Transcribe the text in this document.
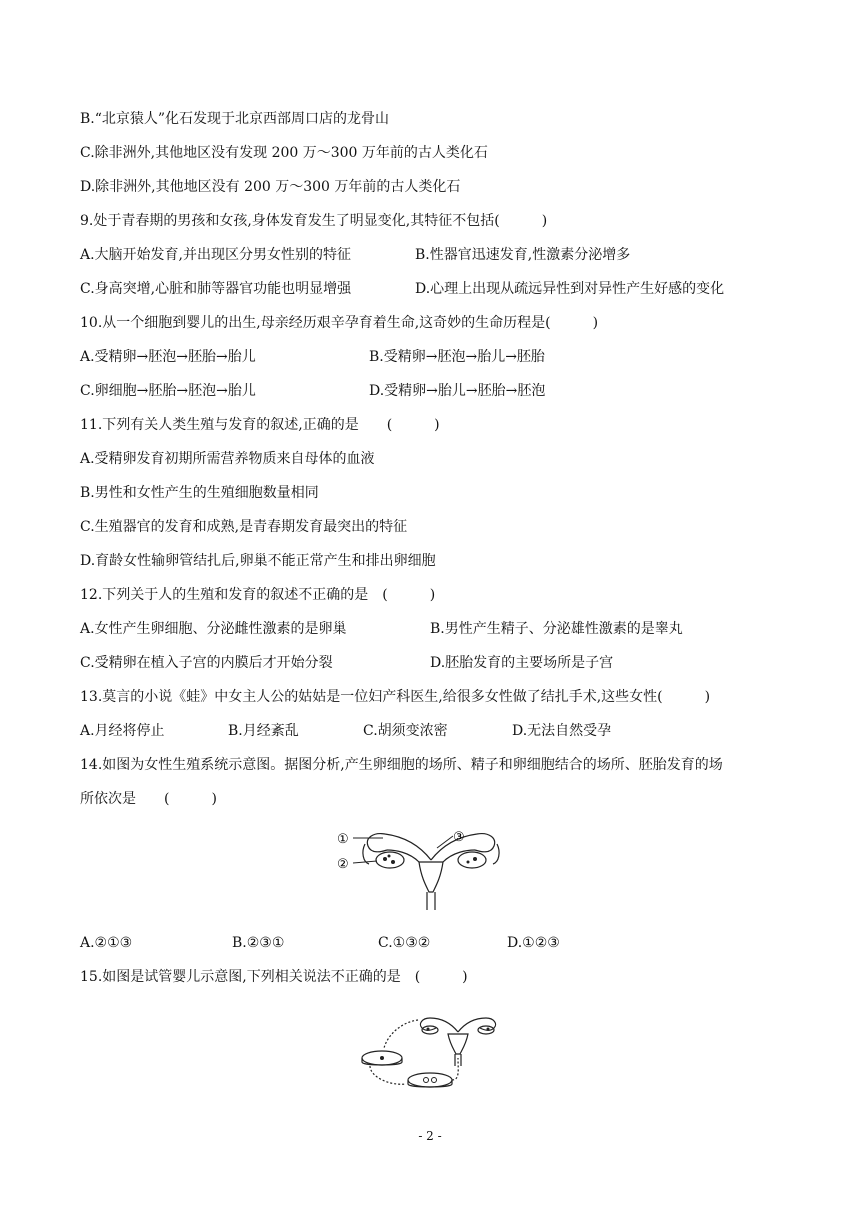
B.“北京猿人”化石发现于北京西部周口店的龙骨山
C.除非洲外,其他地区没有发现 200 万～300 万年前的古人类化石
D.除非洲外,其他地区没有 200 万～300 万年前的古人类化石
9.处于青春期的男孩和女孩,身体发育发生了明显变化,其特征不包括(　　　)
A.大脑开始发育,并出现区分男女性别的特征	B.性器官迅速发育,性激素分泌增多
C.身高突增,心脏和肺等器官功能也明显增强	D.心理上出现从疏远异性到对异性产生好感的变化
10.从一个细胞到婴儿的出生,母亲经历艰辛孕育着生命,这奇妙的生命历程是(　　　)
A.受精卵→胚泡→胚胎→胎儿	B.受精卵→胚泡→胎儿→胚胎
C.卵细胞→胚胎→胚泡→胎儿	D.受精卵→胎儿→胚胎→胚泡
11.下列有关人类生殖与发育的叙述,正确的是　　(　　　)
A.受精卵发育初期所需营养物质来自母体的血液
B.男性和女性产生的生殖细胞数量相同
C.生殖器官的发育和成熟,是青春期发育最突出的特征
D.育龄女性输卵管结扎后,卵巢不能正常产生和排出卵细胞
12.下列关于人的生殖和发育的叙述不正确的是　(　　　)
A.女性产生卵细胞、分泌雌性激素的是卵巢	B.男性产生精子、分泌雄性激素的是睾丸
C.受精卵在植入子宫的内膜后才开始分裂	D.胚胎发育的主要场所是子宫
13.莫言的小说《蛙》中女主人公的姑姑是一位妇产科医生,给很多女性做了结扎手术,这些女性(　　　)
A.月经将停止	B.月经紊乱	C.胡须变浓密	D.无法自然受孕
14.如图为女性生殖系统示意图。据图分析,产生卵细胞的场所、精子和卵细胞结合的场所、胚胎发育的场
所依次是　　(　　　)
①
②
③
A.②①③	B.②③①	C.①③②	D.①②③
15.如图是试管婴儿示意图,下列相关说法不正确的是　(　　　)
- 2 -
